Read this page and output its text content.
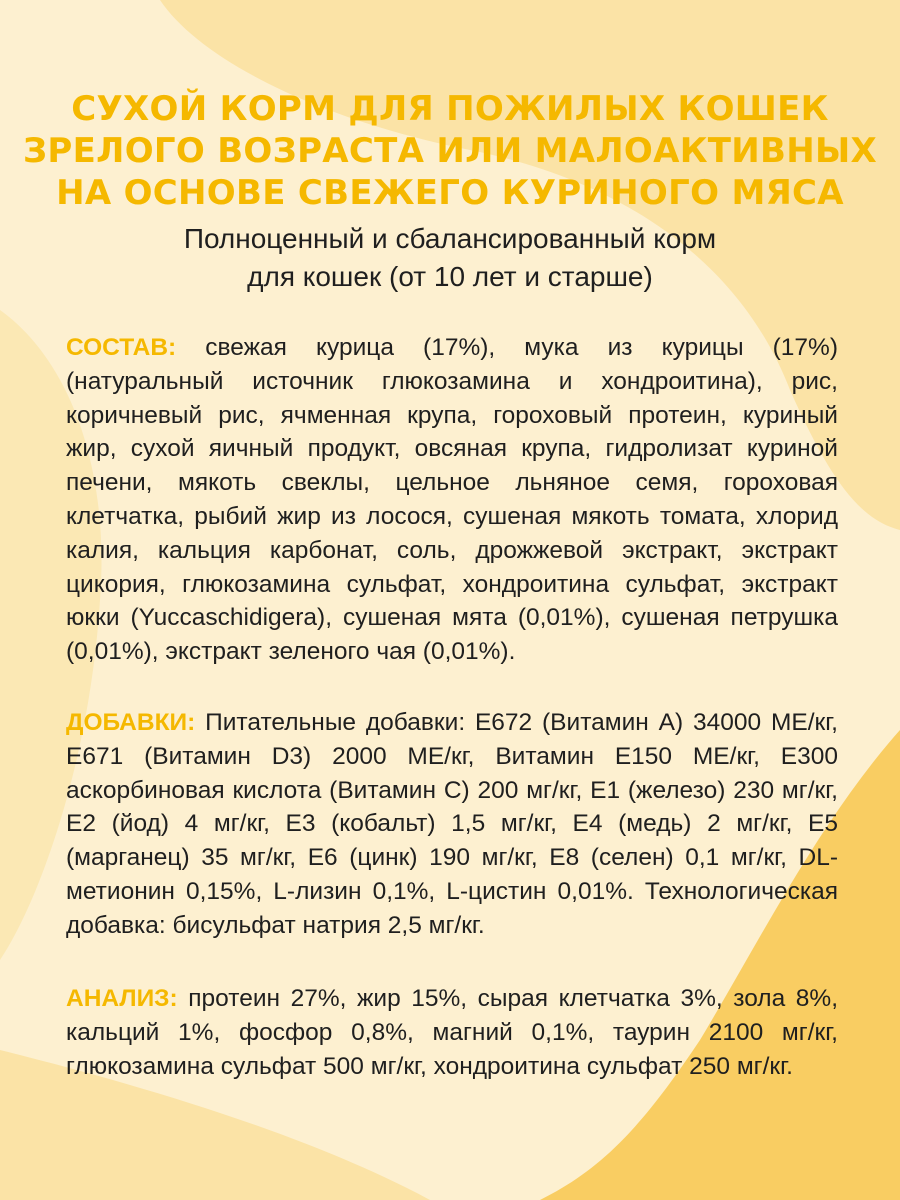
СУХОЙ КОРМ ДЛЯ ПОЖИЛЫХ КОШЕК
ЗРЕЛОГО ВОЗРАСТА ИЛИ МАЛОАКТИВНЫХ
НА ОСНОВЕ СВЕЖЕГО КУРИНОГО МЯСА
Полноценный и сбалансированный корм
для кошек (от 10 лет и старше)
СОСТАВ: свежая курица (17%), мука из курицы (17%) (натуральный источник глюкозамина и хондроитина), рис, коричневый рис, ячменная крупа, гороховый протеин, куриный жир, сухой яичный продукт, овсяная крупа, гидролизат куриной печени, мякоть свеклы, цельное льняное семя, гороховая клетчатка, рыбий жир из лосося, сушеная мякоть томата, хлорид калия, кальция карбонат, соль, дрожжевой экстракт, экстракт цикория, глюкозамина сульфат, хондроитина сульфат, экстракт юкки (Yuccaschidigera), сушеная мята (0,01%), сушеная петрушка (0,01%), экстракт зеленого чая (0,01%).
ДОБАВКИ: Питательные добавки: E672 (Витамин А) 34000 МЕ/кг, E671 (Витамин D3) 2000 МЕ/кг, Витамин Е150 МЕ/кг, E300 аскорбиновая кислота (Витамин С) 200 мг/кг, E1 (железо) 230 мг/кг, E2 (йод) 4 мг/кг, E3 (кобальт) 1,5 мг/кг, E4 (медь) 2 мг/кг, E5 (марганец) 35 мг/кг, E6 (цинк) 190 мг/кг, E8 (селен) 0,1 мг/кг, DL-метионин 0,15%, L-лизин 0,1%, L-цистин 0,01%. Технологическая добавка: бисульфат натрия 2,5 мг/кг.
АНАЛИЗ: протеин 27%, жир 15%, сырая клетчатка 3%, зола 8%, кальций 1%, фосфор 0,8%, магний 0,1%, таурин 2100 мг/кг, глюкозамина сульфат 500 мг/кг, хондроитина сульфат 250 мг/кг.
